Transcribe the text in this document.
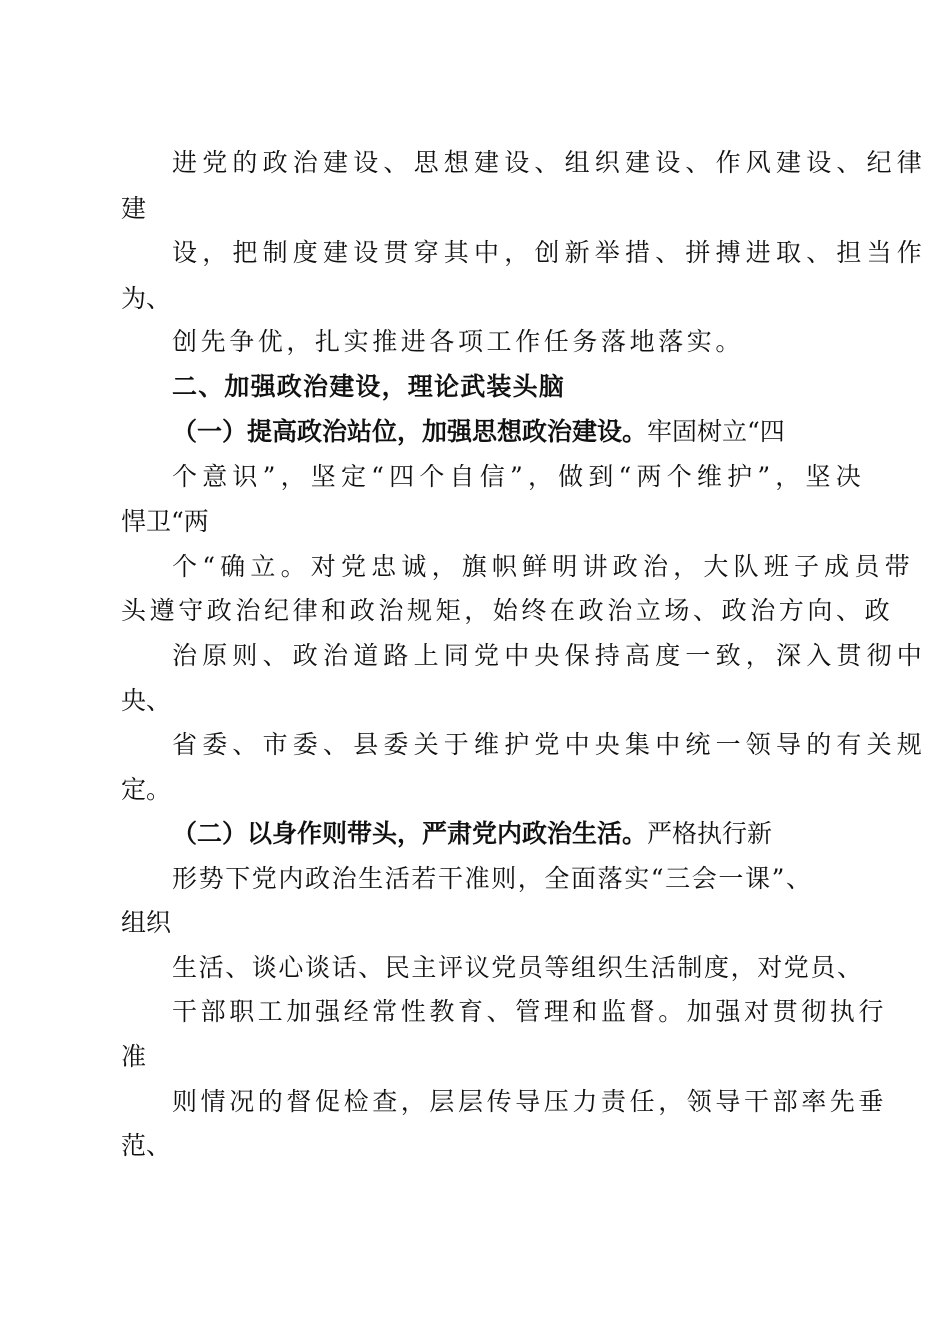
进党的政治建设、思想建设、组织建设、作风建设、纪律
建
设，把制度建设贯穿其中，创新举措、拼搏进取、担当作
为、
创先争优，扎实推进各项工作任务落地落实。
二、加强政治建设，理论武装头脑
（一）提高政治站位，加强思想政治建设。牢固树立“四
个意识”，坚定“四个自信”，做到“两个维护”，坚决
悍卫“两
个“确立。对党忠诚，旗帜鲜明讲政治，大队班子成员带
头遵守政治纪律和政治规矩，始终在政治立场、政治方向、政
治原则、政治道路上同党中央保持高度一致，深入贯彻中
央、
省委、市委、县委关于维护党中央集中统一领导的有关规
定。
（二）以身作则带头，严肃党内政治生活。严格执行新
形势下党内政治生活若干准则，全面落实“三会一课”、
组织
生活、谈心谈话、民主评议党员等组织生活制度，对党员、
干部职工加强经常性教育、管理和监督。加强对贯彻执行
准
则情况的督促检查，层层传导压力责任，领导干部率先垂
范、
